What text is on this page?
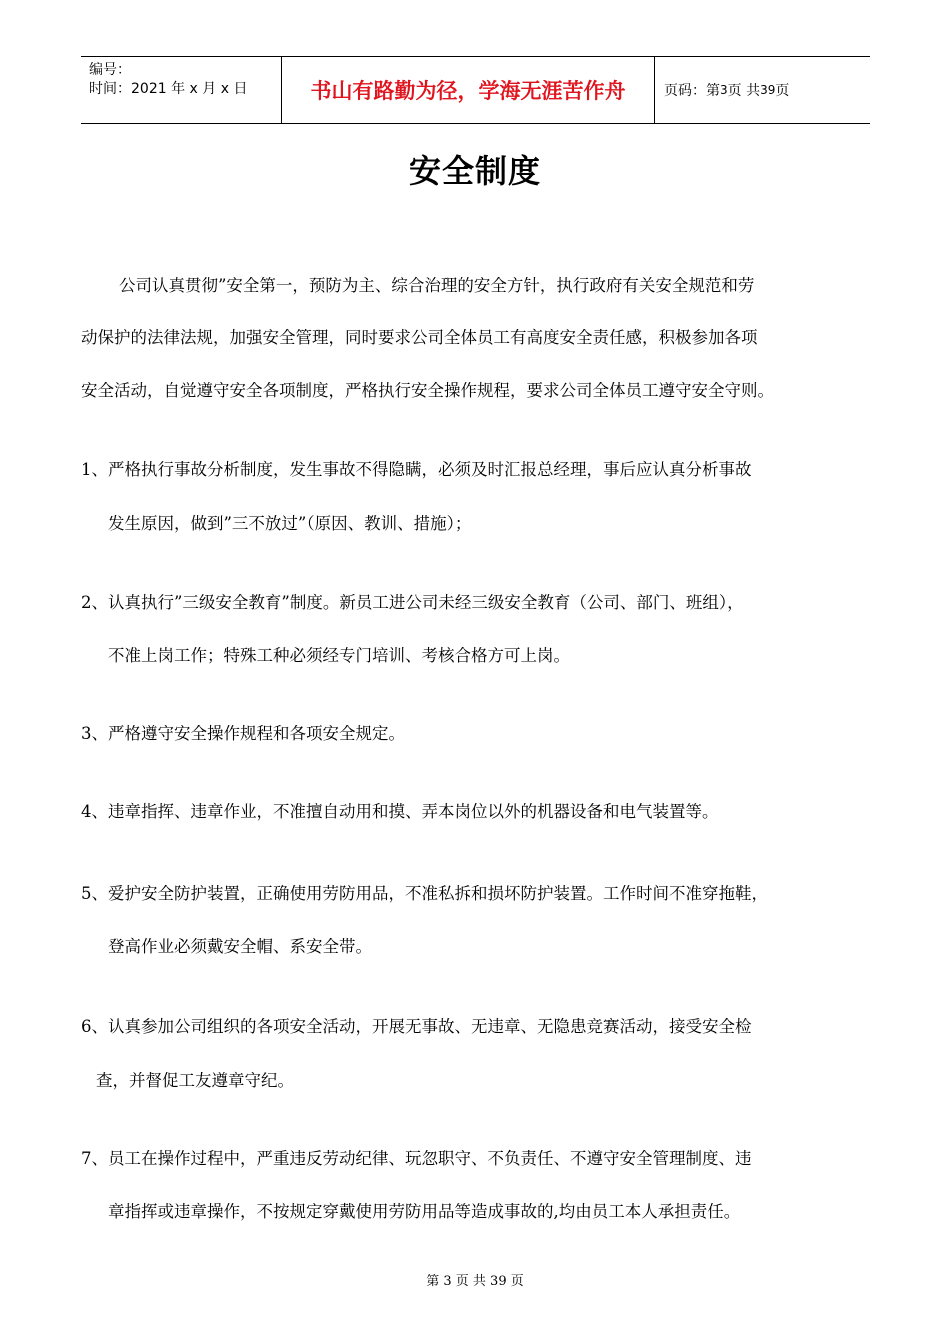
编号：
时间：2021 年 x 月 x 日	书山有路勤为径，学海无涯苦作舟	页码：第 3 页 共 39 页
安全制度
公司认真贯彻”安全第一，预防为主、综合治理的安全方针，执行政府有关安全规范和劳
动保护的法律法规，加强安全管理，同时要求公司全体员工有高度安全责任感，积极参加各项
安全活动，自觉遵守安全各项制度，严格执行安全操作规程，要求公司全体员工遵守安全守则。
1、严格执行事故分析制度，发生事故不得隐瞒，必须及时汇报总经理，事后应认真分析事故
发生原因，做到”三不放过”（原因、教训、措施）；
2、认真执行”三级安全教育”制度。新员工进公司未经三级安全教育（公司、部门、班组），
不准上岗工作；特殊工种必须经专门培训、考核合格方可上岗。
3、严格遵守安全操作规程和各项安全规定。
4、违章指挥、违章作业，不准擅自动用和摸、弄本岗位以外的机器设备和电气装置等。
5、爱护安全防护装置，正确使用劳防用品，不准私拆和损坏防护装置。工作时间不准穿拖鞋，
登高作业必须戴安全帽、系安全带。
6、认真参加公司组织的各项安全活动，开展无事故、无违章、无隐患竞赛活动，接受安全检
查，并督促工友遵章守纪。
7、员工在操作过程中，严重违反劳动纪律、玩忽职守、不负责任、不遵守安全管理制度、违
章指挥或违章操作，不按规定穿戴使用劳防用品等造成事故的,均由员工本人承担责任。
第 3 页 共 39 页
